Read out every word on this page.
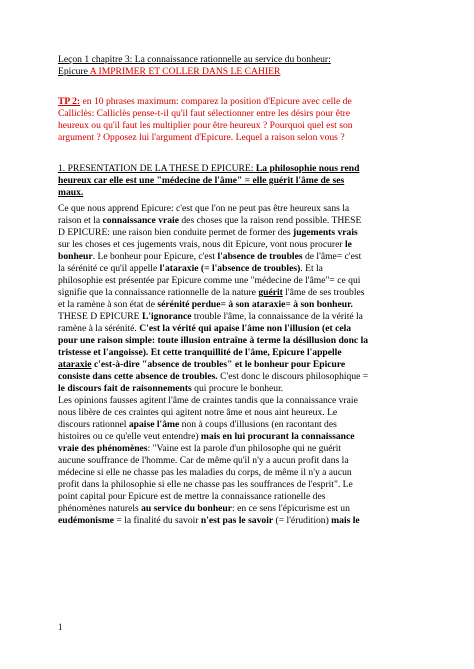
Leçon 1 chapitre 3: La connaissance rationnelle au service du bonheur:
Epicure A IMPRIMER ET COLLER DANS LE CAHIER
TP 2: en 10 phrases maximum: comparez la position d'Epicure avec celle de
Calliclès: Calliclès pense-t-il qu'il faut sélectionner entre les désirs pour être
heureux ou qu'il faut les multiplier pour être heureux ? Pourquoi quel est son
argument ? Opposez lui l'argument d'Epicure. Lequel a raison selon vous ?
1. PRESENTATION DE LA THESE D EPICURE: La philosophie nous rend
heureux car elle est une "médecine de l'âme" = elle guérit l'âme de ses
maux.
Ce que nous apprend Epicure: c'est que l'on ne peut pas être heureux sans la
raison et la connaissance vraie des choses que la raison rend possible. THESE
D EPICURE: une raison bien conduite permet de former des jugements vrais
sur les choses et ces jugements vrais, nous dit Epicure, vont nous procurer le
bonheur. Le bonheur pour Epicure, c'est l'absence de troubles de l'âme= c'est
la sérénité ce qu'il appelle l'ataraxie (= l'absence de troubles). Et la
philosophie est présentée par Epicure comme une "médecine de l'âme"= ce qui
signifie que la connaissance rationnelle de la nature guérit l'âme de ses troubles
et la ramène à son état de sérénité perdue= à son ataraxie= à son bonheur.
THESE D EPICURE L'ignorance trouble l'âme, la connaissance de la vérité la
ramène à la sérénité. C'est la vérité qui apaise l'âme non l'illusion (et cela
pour une raison simple: toute illusion entraîne à terme la désillusion donc la
tristesse et l'angoisse). Et cette tranquillité de l'âme, Epicure l'appelle
ataraxie c'est-à-dire "absence de troubles" et le bonheur pour Epicure
consiste dans cette absence de troubles. C'est donc le discours philosophique =
le discours fait de raisonnements qui procure le bonheur.
Les opinions fausses agitent l'âme de craintes tandis que la connaissance vraie
nous libère de ces craintes qui agitent notre âme et nous aint heureux. Le
discours rationnel apaise l'âme non à coups d'illusions (en racontant des
histoires ou ce qu'elle veut entendre) mais en lui procurant la connaissance
vraie des phénomènes: "Vaine est la parole d'un philosophe qui ne guérit
aucune souffrance de l'homme. Car de même qu'il n'y a aucun profit dans la
médecine si elle ne chasse pas les maladies du corps, de même il n'y a aucun
profit dans la philosophie si elle ne chasse pas les souffrances de l'esprit". Le
point capital pour Epicure est de mettre la connaissance rationelle des
phénomènes naturels au service du bonheur: en ce sens l'épicurisme est un
eudémonisme = la finalité du savoir n'est pas le savoir (= l'érudition) mais le
1
